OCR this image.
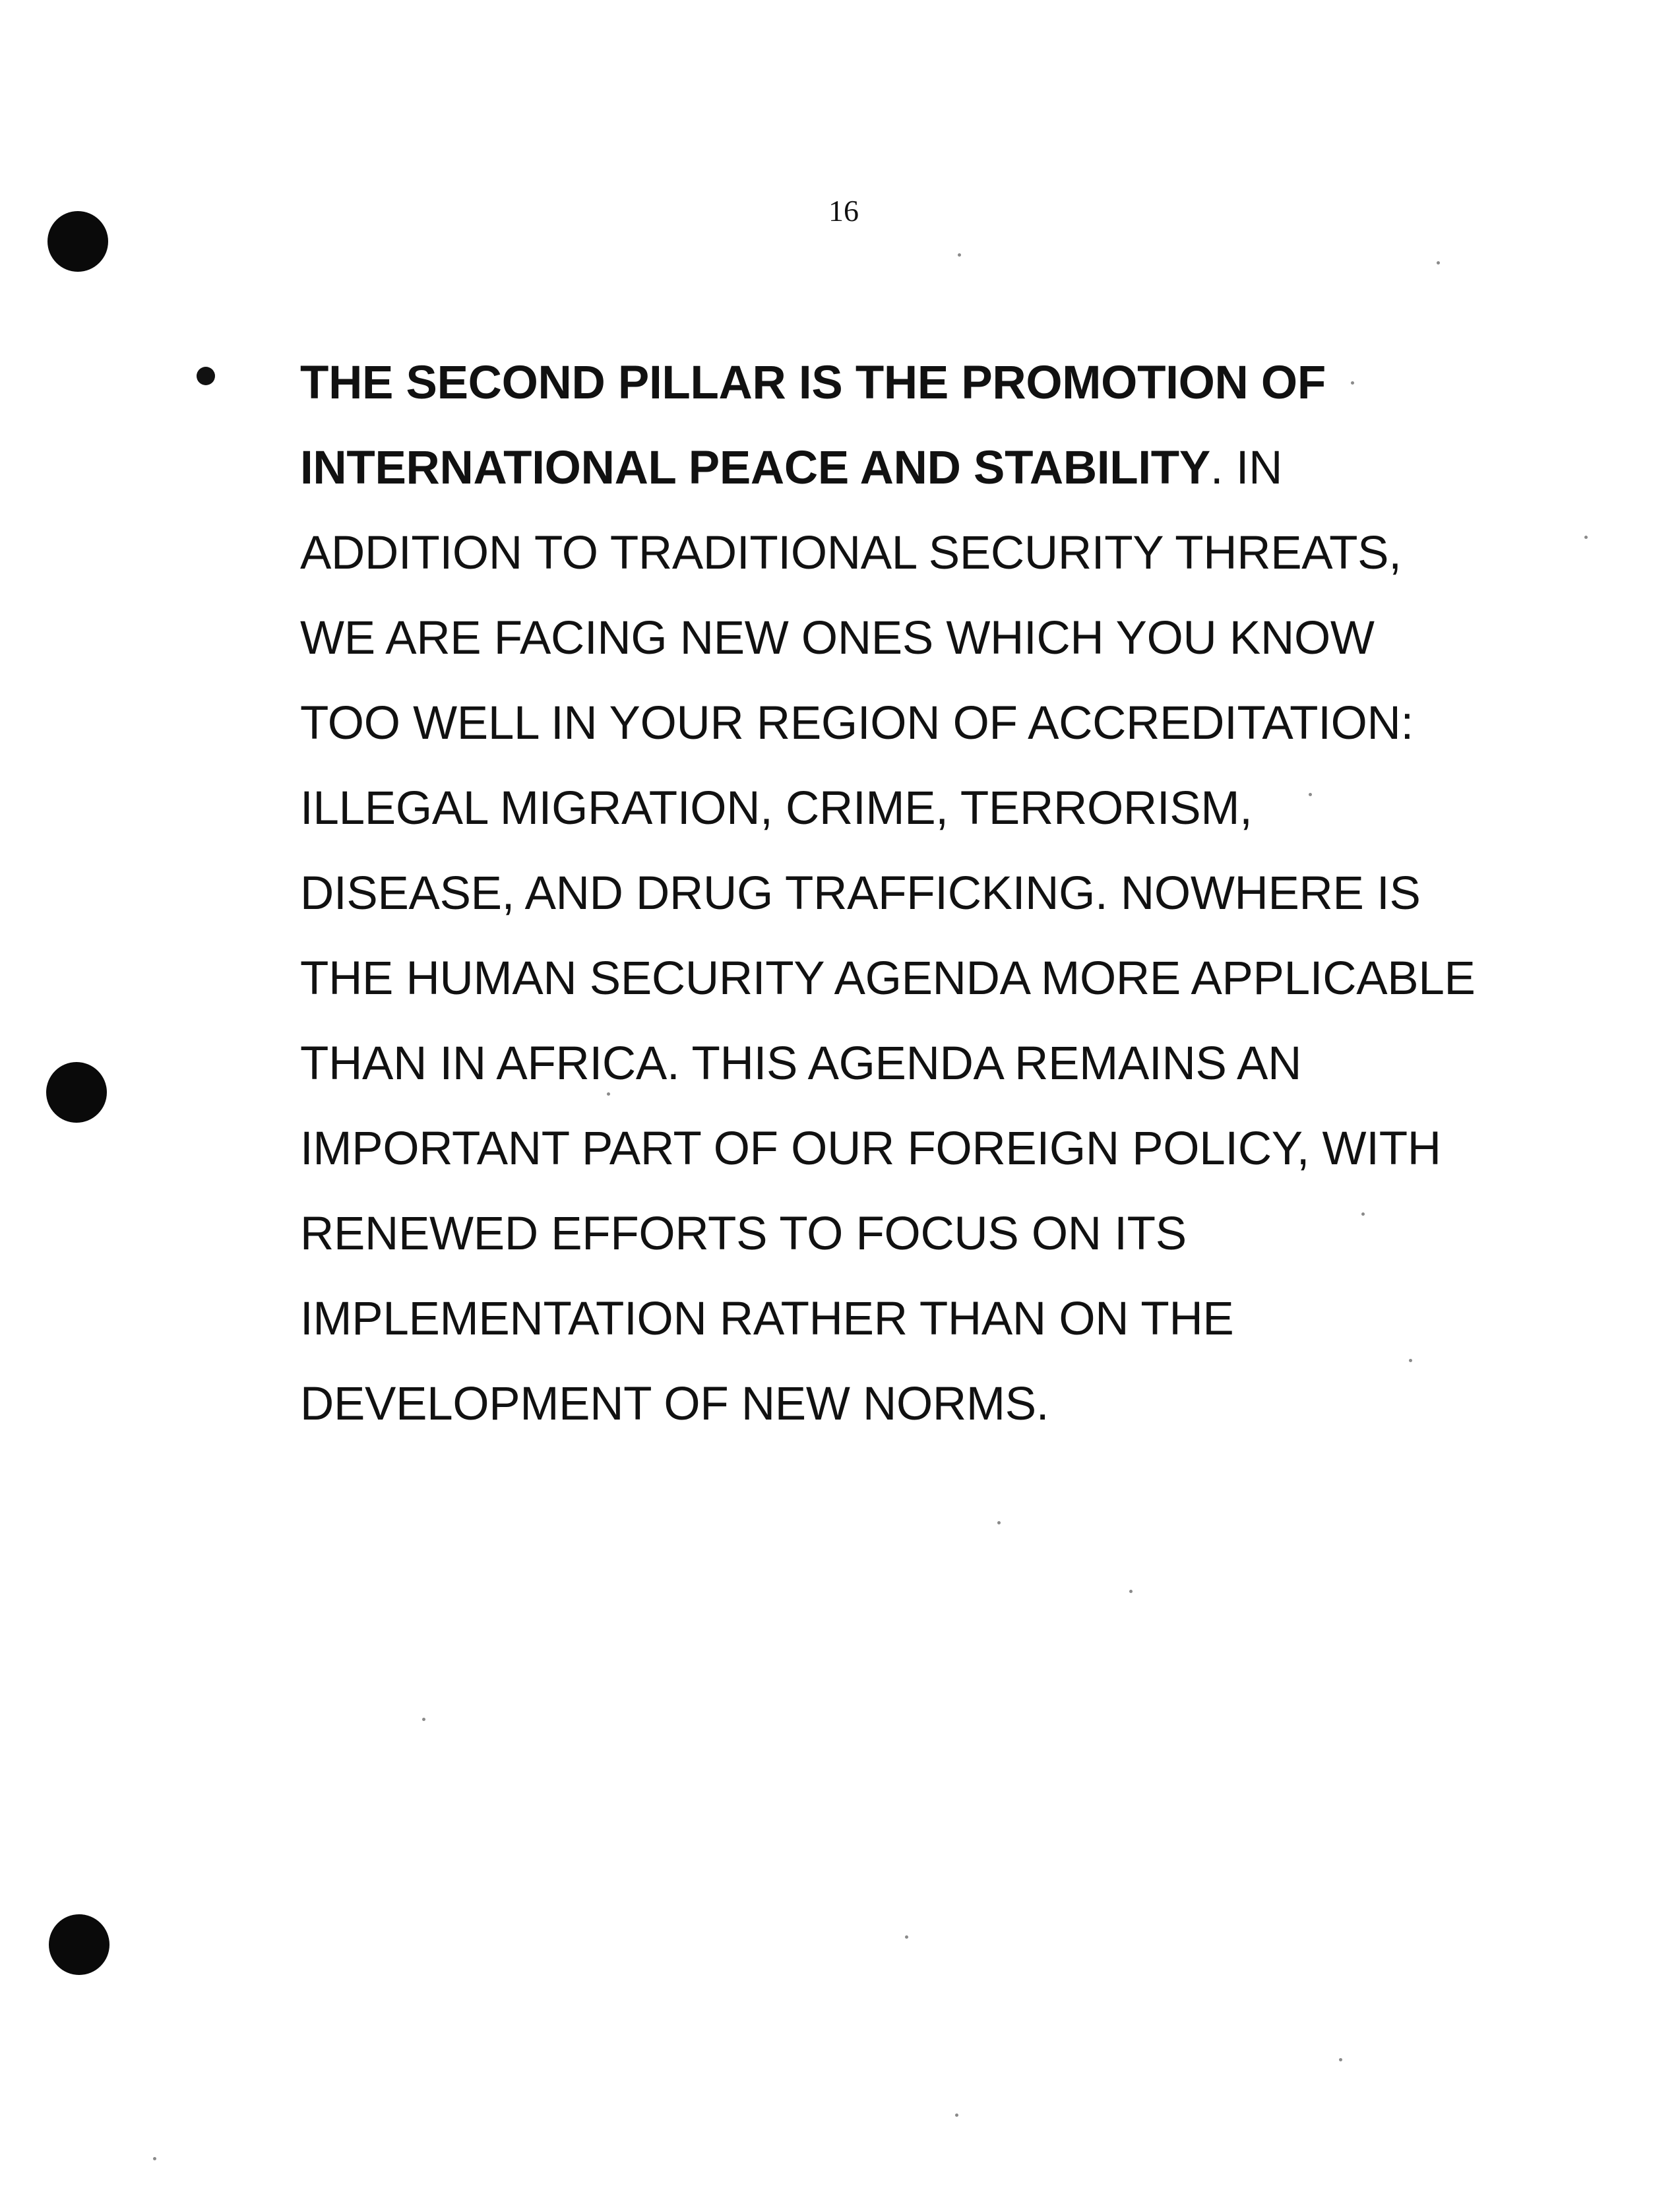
16
THE SECOND PILLAR IS THE PROMOTION OF
INTERNATIONAL PEACE AND STABILITY. IN
ADDITION TO TRADITIONAL SECURITY THREATS,
WE ARE FACING NEW ONES WHICH YOU KNOW
TOO WELL IN YOUR REGION OF ACCREDITATION:
ILLEGAL MIGRATION, CRIME, TERRORISM,
DISEASE, AND DRUG TRAFFICKING. NOWHERE IS
THE HUMAN SECURITY AGENDA MORE APPLICABLE
THAN IN AFRICA. THIS AGENDA REMAINS AN
IMPORTANT PART OF OUR FOREIGN POLICY, WITH
RENEWED EFFORTS TO FOCUS ON ITS
IMPLEMENTATION RATHER THAN ON THE
DEVELOPMENT OF NEW NORMS.
